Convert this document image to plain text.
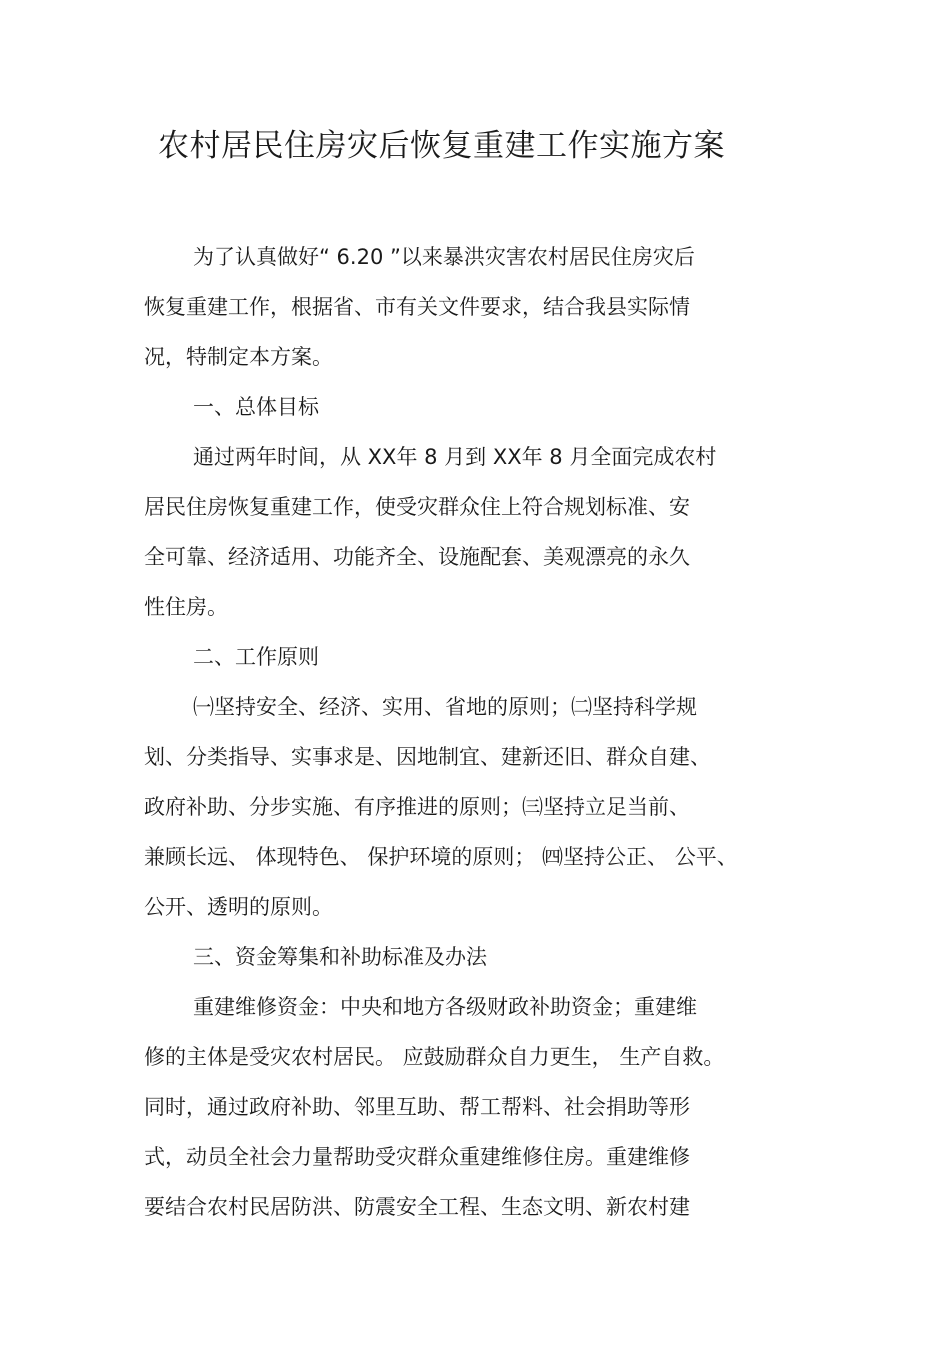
农村居民住房灾后恢复重建工作实施方案
为了认真做好“ 6.20 ”以来暴洪灾害农村居民住房灾后
恢复重建工作，根据省、市有关文件要求，结合我县实际情
况，特制定本方案。
一、总体目标
通过两年时间，从 XX年 8 月到 XX年 8 月全面完成农村
居民住房恢复重建工作，使受灾群众住上符合规划标准、安
全可靠、经济适用、功能齐全、设施配套、美观漂亮的永久
性住房。
二、工作原则
㈠坚持安全、经济、实用、省地的原则；㈡坚持科学规
划、分类指导、实事求是、因地制宜、建新还旧、群众自建、
政府补助、分步实施、有序推进的原则；㈢坚持立足当前、
兼顾长远、 体现特色、 保护环境的原则； ㈣坚持公正、 公平、
公开、透明的原则。
三、资金筹集和补助标准及办法
重建维修资金：中央和地方各级财政补助资金；重建维
修的主体是受灾农村居民。 应鼓励群众自力更生， 生产自救。
同时，通过政府补助、邻里互助、帮工帮料、社会捐助等形
式，动员全社会力量帮助受灾群众重建维修住房。重建维修
要结合农村民居防洪、防震安全工程、生态文明、新农村建
